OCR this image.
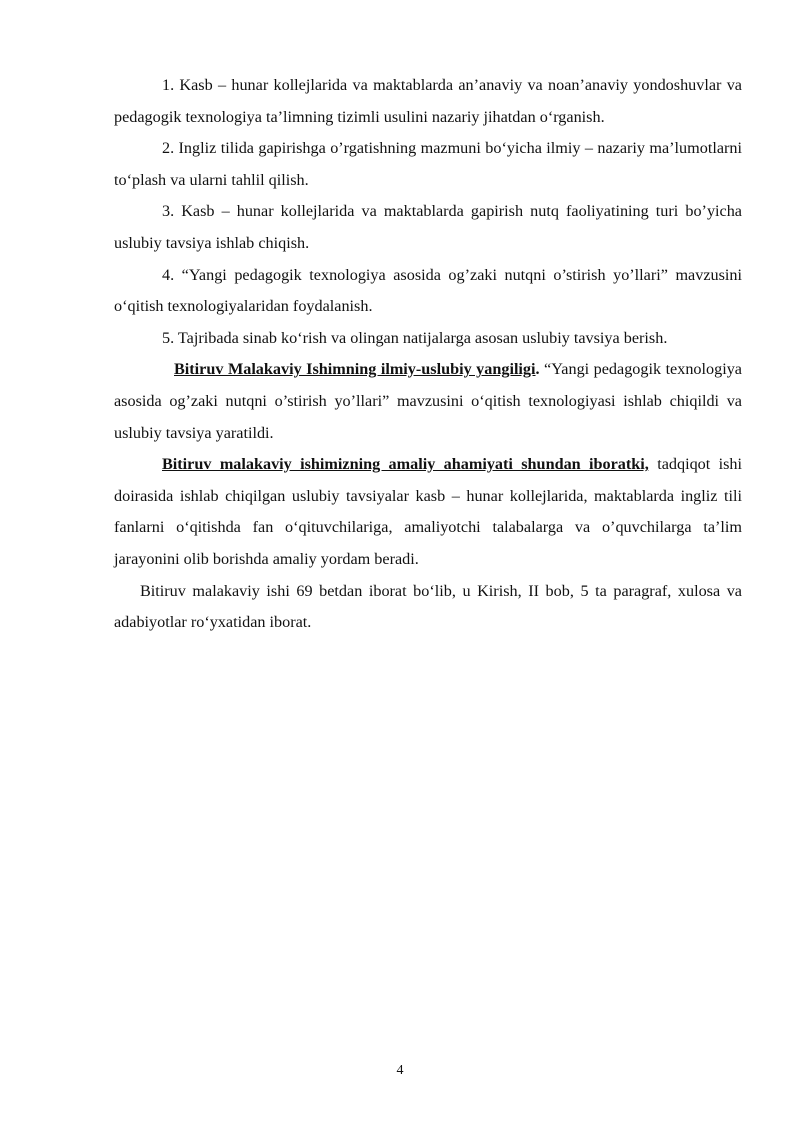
1. Kasb – hunar kollejlarida va maktablarda an’anaviy va noan’anaviy yondoshuvlar va pedagogik texnologiya ta’limning tizimli usulini nazariy jihatdan o‘rganish.

2. Ingliz tilida gapirishga o’rgatishning mazmuni bo‘yicha ilmiy – nazariy ma’lumotlarni to‘plash va ularni tahlil qilish.

3. Kasb – hunar kollejlarida va maktablarda gapirish nutq faoliyatining turi bo’yicha uslubiy tavsiya ishlab chiqish.

4. “Yangi pedagogik texnologiya asosida og’zaki nutqni o’stirish yo’llari” mavzusini o‘qitish texnologiyalaridan foydalanish.

5. Tajribada sinab ko‘rish va olingan natijalarga asosan uslubiy tavsiya berish.

Bitiruv Malakaviy Ishimning ilmiy-uslubiy yangiligi. “Yangi pedagogik texnologiya asosida og’zaki nutqni o’stirish yo’llari” mavzusini o‘qitish texnologiyasi ishlab chiqildi va uslubiy tavsiya yaratildi.

Bitiruv malakaviy ishimizning amaliy ahamiyati shundan iboratki, tadqiqot ishi doirasida ishlab chiqilgan uslubiy tavsiyalar kasb – hunar kollejlarida, maktablarda ingliz tili fanlarni o‘qitishda fan o‘qituvchilariga, amaliyotchi talabalarga va o’quvchilarga ta’lim jarayonini olib borishda amaliy yordam beradi.

Bitiruv malakaviy ishi 69 betdan iborat bo‘lib, u Kirish, II bob, 5 ta paragraf, xulosa va adabiyotlar ro‘yxatidan iborat.

4
